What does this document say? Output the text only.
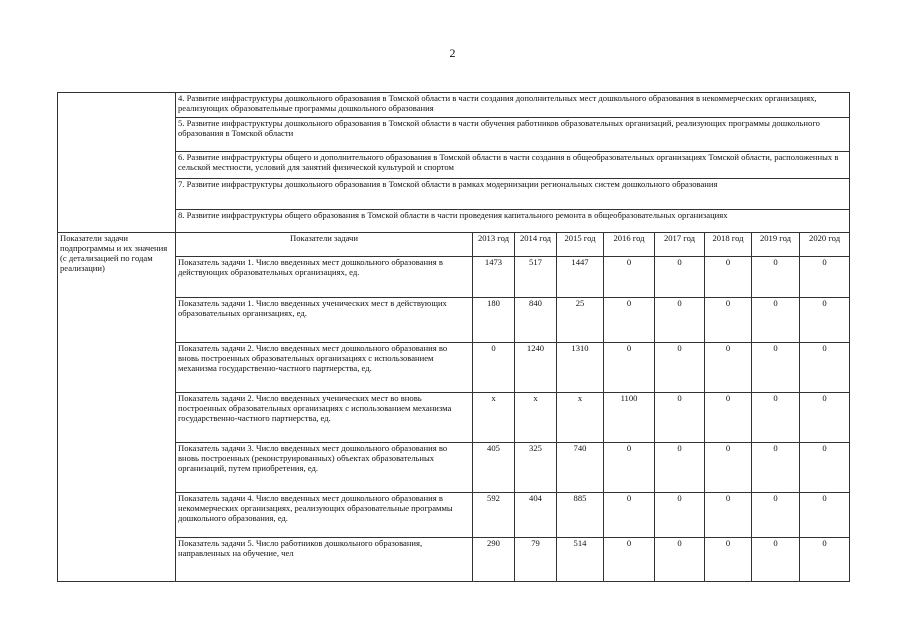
2
	4. Развитие инфраструктуры дошкольного образования в Томской области в части создания дополнительных мест дошкольного образования в некоммерческих организациях, реализующих образовательные программы дошкольного образования								
	5. Развитие инфраструктуры дошкольного образования в Томской области в части обучения работников образовательных организаций, реализующих программы дошкольного образования в Томской области								
	6. Развитие инфраструктуры общего и дополнительного образования в Томской области в части создания в общеобразовательных организациях Томской области, расположенных в сельской местности, условий для занятий физической культурой и спортом								
	7. Развитие инфраструктуры дошкольного образования в Томской области в рамках модернизации региональных систем дошкольного образования								
	8. Развитие инфраструктуры общего образования в Томской области в части проведения капитального ремонта в общеобразовательных организациях								
Показатели задачи подпрограммы и их значения (с детализацией по годам реализации)	Показатели задачи	2013 год	2014 год	2015 год	2016 год	2017 год	2018 год	2019 год	2020 год
	Показатель задачи 1. Число введенных мест дошкольного образования в действующих образовательных организациях, ед.	1473	517	1447	0	0	0	0	0
	Показатель задачи 1. Число введенных ученических мест в действующих образовательных организациях, ед.	180	840	25	0	0	0	0	0
	Показатель задачи 2. Число введенных мест дошкольного образования во вновь построенных образовательных организациях с использованием механизма государственно-частного партнерства, ед.	0	1240	1310	0	0	0	0	0
	Показатель задачи 2. Число введенных ученических мест во вновь построенных образовательных организациях с использованием механизма государственно-частного партнерства, ед.	х	х	х	1100	0	0	0	0
	Показатель задачи 3. Число введенных мест дошкольного образования во вновь построенных (реконструированных) объектах образовательных организаций, путем приобретения, ед.	405	325	740	0	0	0	0	0
	Показатель задачи 4. Число введенных мест дошкольного образования в некоммерческих организациях, реализующих образовательные программы дошкольного образования, ед.	592	404	885	0	0	0	0	0
	Показатель задачи 5. Число работников дошкольного образования, направленных на обучение, чел	290	79	514	0	0	0	0	0
